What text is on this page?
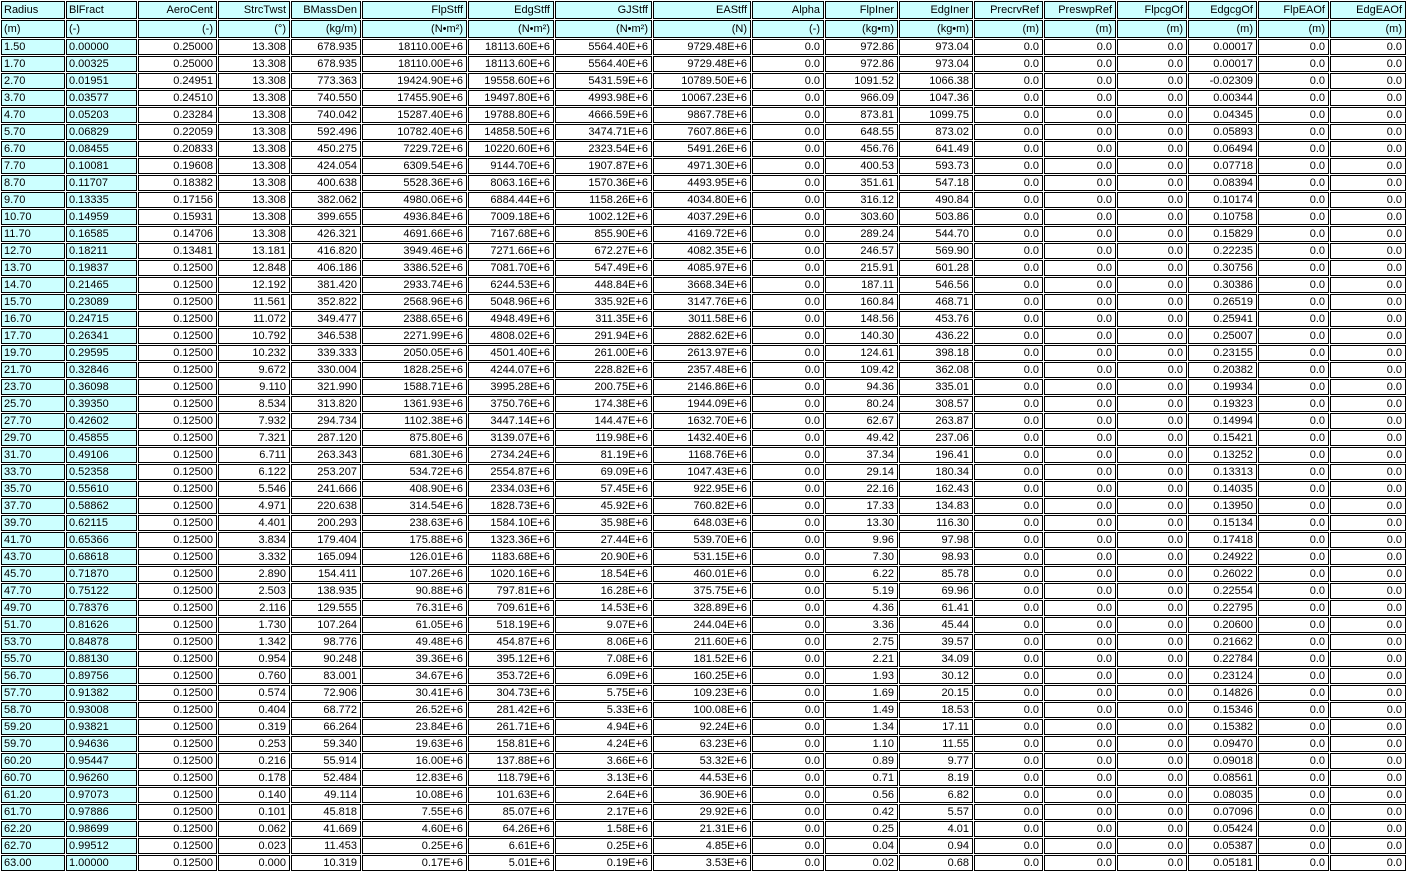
Radius	BlFract	AeroCent	StrcTwst	BMassDen	FlpStff	EdgStff	GJStff	EAStff	Alpha	FlpIner	EdgIner	PrecrvRef	PreswpRef	FlpcgOf	EdgcgOf	FlpEAOf	EdgEAOf
(m)	(-)	(-)	(°)	(kg/m)	(N•m²)	(N•m²)	(N•m²)	(N)	(-)	(kg•m)	(kg•m)	(m)	(m)	(m)	(m)	(m)	(m)
1.50	0.00000	0.25000	13.308	678.935	18110.00E+6	18113.60E+6	5564.40E+6	9729.48E+6	0.0	972.86	973.04	0.0	0.0	0.0	0.00017	0.0	0.0
1.70	0.00325	0.25000	13.308	678.935	18110.00E+6	18113.60E+6	5564.40E+6	9729.48E+6	0.0	972.86	973.04	0.0	0.0	0.0	0.00017	0.0	0.0
2.70	0.01951	0.24951	13.308	773.363	19424.90E+6	19558.60E+6	5431.59E+6	10789.50E+6	0.0	1091.52	1066.38	0.0	0.0	0.0	-0.02309	0.0	0.0
3.70	0.03577	0.24510	13.308	740.550	17455.90E+6	19497.80E+6	4993.98E+6	10067.23E+6	0.0	966.09	1047.36	0.0	0.0	0.0	0.00344	0.0	0.0
4.70	0.05203	0.23284	13.308	740.042	15287.40E+6	19788.80E+6	4666.59E+6	9867.78E+6	0.0	873.81	1099.75	0.0	0.0	0.0	0.04345	0.0	0.0
5.70	0.06829	0.22059	13.308	592.496	10782.40E+6	14858.50E+6	3474.71E+6	7607.86E+6	0.0	648.55	873.02	0.0	0.0	0.0	0.05893	0.0	0.0
6.70	0.08455	0.20833	13.308	450.275	7229.72E+6	10220.60E+6	2323.54E+6	5491.26E+6	0.0	456.76	641.49	0.0	0.0	0.0	0.06494	0.0	0.0
7.70	0.10081	0.19608	13.308	424.054	6309.54E+6	9144.70E+6	1907.87E+6	4971.30E+6	0.0	400.53	593.73	0.0	0.0	0.0	0.07718	0.0	0.0
8.70	0.11707	0.18382	13.308	400.638	5528.36E+6	8063.16E+6	1570.36E+6	4493.95E+6	0.0	351.61	547.18	0.0	0.0	0.0	0.08394	0.0	0.0
9.70	0.13335	0.17156	13.308	382.062	4980.06E+6	6884.44E+6	1158.26E+6	4034.80E+6	0.0	316.12	490.84	0.0	0.0	0.0	0.10174	0.0	0.0
10.70	0.14959	0.15931	13.308	399.655	4936.84E+6	7009.18E+6	1002.12E+6	4037.29E+6	0.0	303.60	503.86	0.0	0.0	0.0	0.10758	0.0	0.0
11.70	0.16585	0.14706	13.308	426.321	4691.66E+6	7167.68E+6	855.90E+6	4169.72E+6	0.0	289.24	544.70	0.0	0.0	0.0	0.15829	0.0	0.0
12.70	0.18211	0.13481	13.181	416.820	3949.46E+6	7271.66E+6	672.27E+6	4082.35E+6	0.0	246.57	569.90	0.0	0.0	0.0	0.22235	0.0	0.0
13.70	0.19837	0.12500	12.848	406.186	3386.52E+6	7081.70E+6	547.49E+6	4085.97E+6	0.0	215.91	601.28	0.0	0.0	0.0	0.30756	0.0	0.0
14.70	0.21465	0.12500	12.192	381.420	2933.74E+6	6244.53E+6	448.84E+6	3668.34E+6	0.0	187.11	546.56	0.0	0.0	0.0	0.30386	0.0	0.0
15.70	0.23089	0.12500	11.561	352.822	2568.96E+6	5048.96E+6	335.92E+6	3147.76E+6	0.0	160.84	468.71	0.0	0.0	0.0	0.26519	0.0	0.0
16.70	0.24715	0.12500	11.072	349.477	2388.65E+6	4948.49E+6	311.35E+6	3011.58E+6	0.0	148.56	453.76	0.0	0.0	0.0	0.25941	0.0	0.0
17.70	0.26341	0.12500	10.792	346.538	2271.99E+6	4808.02E+6	291.94E+6	2882.62E+6	0.0	140.30	436.22	0.0	0.0	0.0	0.25007	0.0	0.0
19.70	0.29595	0.12500	10.232	339.333	2050.05E+6	4501.40E+6	261.00E+6	2613.97E+6	0.0	124.61	398.18	0.0	0.0	0.0	0.23155	0.0	0.0
21.70	0.32846	0.12500	9.672	330.004	1828.25E+6	4244.07E+6	228.82E+6	2357.48E+6	0.0	109.42	362.08	0.0	0.0	0.0	0.20382	0.0	0.0
23.70	0.36098	0.12500	9.110	321.990	1588.71E+6	3995.28E+6	200.75E+6	2146.86E+6	0.0	94.36	335.01	0.0	0.0	0.0	0.19934	0.0	0.0
25.70	0.39350	0.12500	8.534	313.820	1361.93E+6	3750.76E+6	174.38E+6	1944.09E+6	0.0	80.24	308.57	0.0	0.0	0.0	0.19323	0.0	0.0
27.70	0.42602	0.12500	7.932	294.734	1102.38E+6	3447.14E+6	144.47E+6	1632.70E+6	0.0	62.67	263.87	0.0	0.0	0.0	0.14994	0.0	0.0
29.70	0.45855	0.12500	7.321	287.120	875.80E+6	3139.07E+6	119.98E+6	1432.40E+6	0.0	49.42	237.06	0.0	0.0	0.0	0.15421	0.0	0.0
31.70	0.49106	0.12500	6.711	263.343	681.30E+6	2734.24E+6	81.19E+6	1168.76E+6	0.0	37.34	196.41	0.0	0.0	0.0	0.13252	0.0	0.0
33.70	0.52358	0.12500	6.122	253.207	534.72E+6	2554.87E+6	69.09E+6	1047.43E+6	0.0	29.14	180.34	0.0	0.0	0.0	0.13313	0.0	0.0
35.70	0.55610	0.12500	5.546	241.666	408.90E+6	2334.03E+6	57.45E+6	922.95E+6	0.0	22.16	162.43	0.0	0.0	0.0	0.14035	0.0	0.0
37.70	0.58862	0.12500	4.971	220.638	314.54E+6	1828.73E+6	45.92E+6	760.82E+6	0.0	17.33	134.83	0.0	0.0	0.0	0.13950	0.0	0.0
39.70	0.62115	0.12500	4.401	200.293	238.63E+6	1584.10E+6	35.98E+6	648.03E+6	0.0	13.30	116.30	0.0	0.0	0.0	0.15134	0.0	0.0
41.70	0.65366	0.12500	3.834	179.404	175.88E+6	1323.36E+6	27.44E+6	539.70E+6	0.0	9.96	97.98	0.0	0.0	0.0	0.17418	0.0	0.0
43.70	0.68618	0.12500	3.332	165.094	126.01E+6	1183.68E+6	20.90E+6	531.15E+6	0.0	7.30	98.93	0.0	0.0	0.0	0.24922	0.0	0.0
45.70	0.71870	0.12500	2.890	154.411	107.26E+6	1020.16E+6	18.54E+6	460.01E+6	0.0	6.22	85.78	0.0	0.0	0.0	0.26022	0.0	0.0
47.70	0.75122	0.12500	2.503	138.935	90.88E+6	797.81E+6	16.28E+6	375.75E+6	0.0	5.19	69.96	0.0	0.0	0.0	0.22554	0.0	0.0
49.70	0.78376	0.12500	2.116	129.555	76.31E+6	709.61E+6	14.53E+6	328.89E+6	0.0	4.36	61.41	0.0	0.0	0.0	0.22795	0.0	0.0
51.70	0.81626	0.12500	1.730	107.264	61.05E+6	518.19E+6	9.07E+6	244.04E+6	0.0	3.36	45.44	0.0	0.0	0.0	0.20600	0.0	0.0
53.70	0.84878	0.12500	1.342	98.776	49.48E+6	454.87E+6	8.06E+6	211.60E+6	0.0	2.75	39.57	0.0	0.0	0.0	0.21662	0.0	0.0
55.70	0.88130	0.12500	0.954	90.248	39.36E+6	395.12E+6	7.08E+6	181.52E+6	0.0	2.21	34.09	0.0	0.0	0.0	0.22784	0.0	0.0
56.70	0.89756	0.12500	0.760	83.001	34.67E+6	353.72E+6	6.09E+6	160.25E+6	0.0	1.93	30.12	0.0	0.0	0.0	0.23124	0.0	0.0
57.70	0.91382	0.12500	0.574	72.906	30.41E+6	304.73E+6	5.75E+6	109.23E+6	0.0	1.69	20.15	0.0	0.0	0.0	0.14826	0.0	0.0
58.70	0.93008	0.12500	0.404	68.772	26.52E+6	281.42E+6	5.33E+6	100.08E+6	0.0	1.49	18.53	0.0	0.0	0.0	0.15346	0.0	0.0
59.20	0.93821	0.12500	0.319	66.264	23.84E+6	261.71E+6	4.94E+6	92.24E+6	0.0	1.34	17.11	0.0	0.0	0.0	0.15382	0.0	0.0
59.70	0.94636	0.12500	0.253	59.340	19.63E+6	158.81E+6	4.24E+6	63.23E+6	0.0	1.10	11.55	0.0	0.0	0.0	0.09470	0.0	0.0
60.20	0.95447	0.12500	0.216	55.914	16.00E+6	137.88E+6	3.66E+6	53.32E+6	0.0	0.89	9.77	0.0	0.0	0.0	0.09018	0.0	0.0
60.70	0.96260	0.12500	0.178	52.484	12.83E+6	118.79E+6	3.13E+6	44.53E+6	0.0	0.71	8.19	0.0	0.0	0.0	0.08561	0.0	0.0
61.20	0.97073	0.12500	0.140	49.114	10.08E+6	101.63E+6	2.64E+6	36.90E+6	0.0	0.56	6.82	0.0	0.0	0.0	0.08035	0.0	0.0
61.70	0.97886	0.12500	0.101	45.818	7.55E+6	85.07E+6	2.17E+6	29.92E+6	0.0	0.42	5.57	0.0	0.0	0.0	0.07096	0.0	0.0
62.20	0.98699	0.12500	0.062	41.669	4.60E+6	64.26E+6	1.58E+6	21.31E+6	0.0	0.25	4.01	0.0	0.0	0.0	0.05424	0.0	0.0
62.70	0.99512	0.12500	0.023	11.453	0.25E+6	6.61E+6	0.25E+6	4.85E+6	0.0	0.04	0.94	0.0	0.0	0.0	0.05387	0.0	0.0
63.00	1.00000	0.12500	0.000	10.319	0.17E+6	5.01E+6	0.19E+6	3.53E+6	0.0	0.02	0.68	0.0	0.0	0.0	0.05181	0.0	0.0
